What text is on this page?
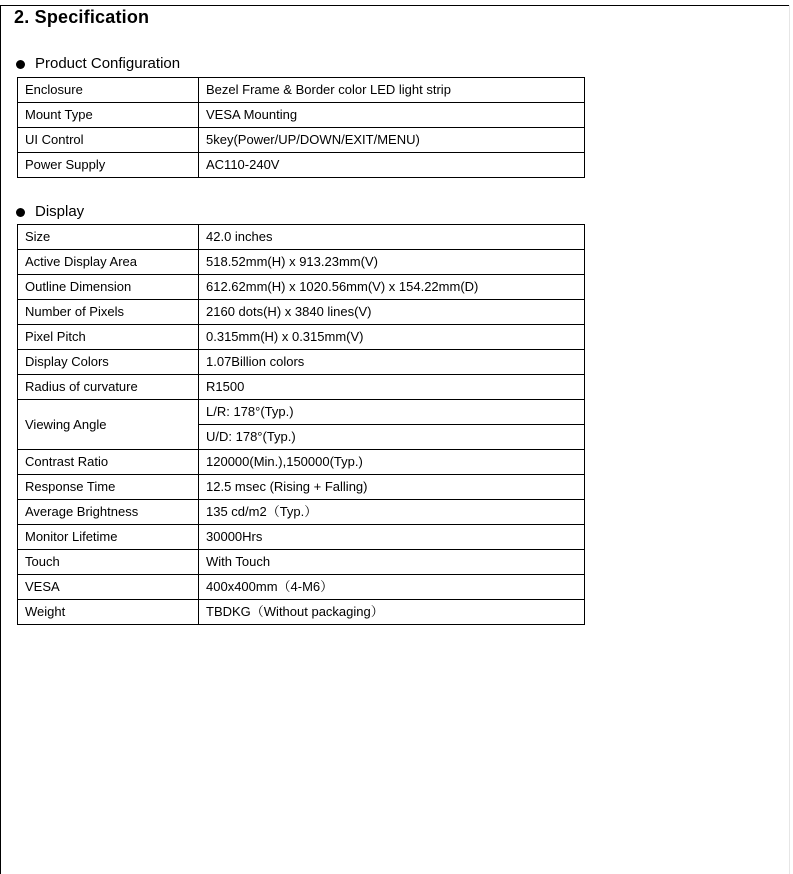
2. Specification
Product Configuration
Enclosure	Bezel Frame & Border color LED light strip
Mount Type	VESA Mounting
UI Control	5key(Power/UP/DOWN/EXIT/MENU)
Power Supply	AC110-240V
Display
Size	42.0 inches
Active Display Area	518.52mm(H) x 913.23mm(V)
Outline Dimension	612.62mm(H) x 1020.56mm(V) x 154.22mm(D)
Number of Pixels	2160 dots(H) x 3840 lines(V)
Pixel Pitch	0.315mm(H) x 0.315mm(V)
Display Colors	1.07Billion colors
Radius of curvature	R1500
Viewing Angle	L/R: 178°(Typ.)
	U/D: 178°(Typ.)
Contrast Ratio	120000(Min.),150000(Typ.)
Response Time	12.5 msec (Rising + Falling)
Average Brightness	135 cd/m2（Typ.）
Monitor Lifetime	30000Hrs
Touch	With Touch
VESA	400x400mm（4-M6）
Weight	TBDKG（Without packaging）
